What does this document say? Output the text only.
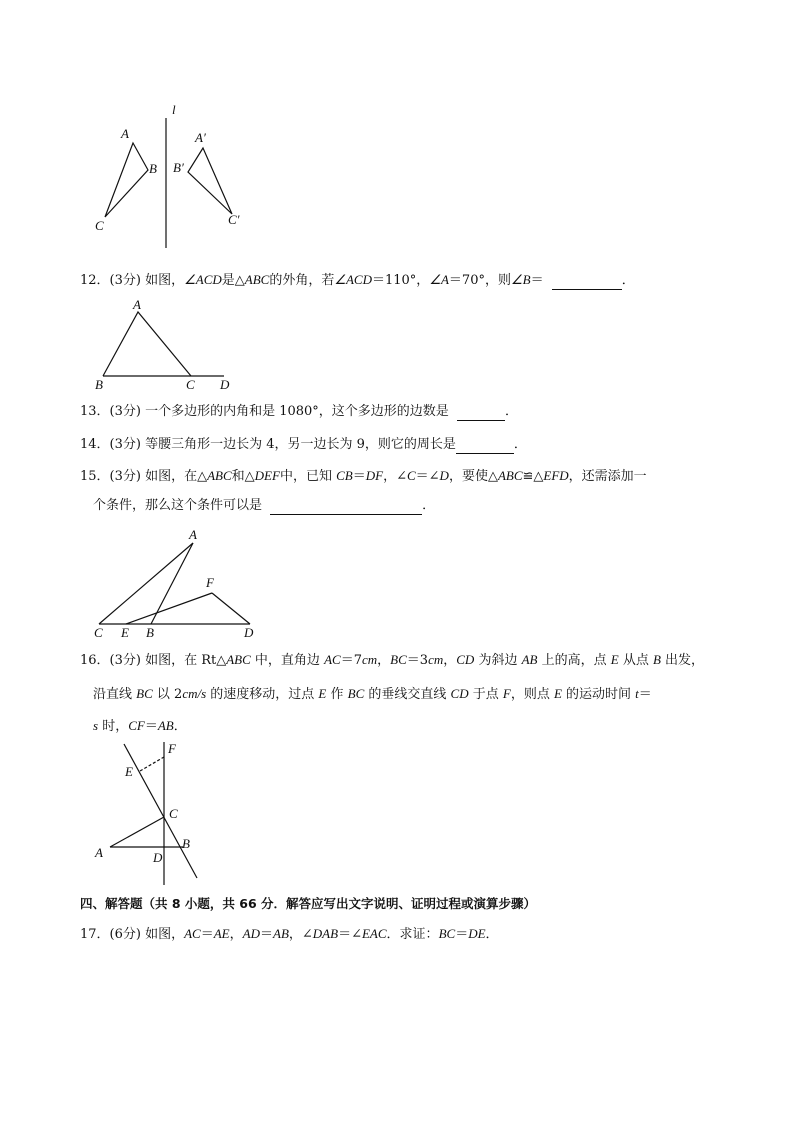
l
A
B
C
A′
B′
C′
12．(3分) 如图，∠ACD是△ABC的外角，若∠ACD＝110°，∠A＝70°，则∠B＝	．
A
B	C D
13．(3分) 一个多边形的内角和是 1080°，这个多边形的边数是	．
14．(3分) 等腰三角形一边长为 4，另一边长为 9，则它的周长是	．
15．(3分) 如图，在△ABC和△DEF中，已知 CB＝DF，∠C＝∠D，要使△ABC≌△EFD，还需添加一
个条件，那么这个条件可以是	．
A
F
C E B	D
16．(3分) 如图，在 Rt△ABC 中，直角边 AC＝7cm，BC＝3cm，CD 为斜边 AB 上的高，点 E 从点 B 出发，
沿直线 BC 以 2cm/s 的速度移动，过点 E 作 BC 的垂线交直线 CD 于点 F，则点 E 的运动时间 t＝
s 时，CF＝AB．
F
E
C
A
B
D
四、解答题（共 8 小题，共 66 分．解答应写出文字说明、证明过程或演算步骤）
17．(6分) 如图，AC＝AE，AD＝AB，∠DAB＝∠EAC．求证：BC＝DE．
